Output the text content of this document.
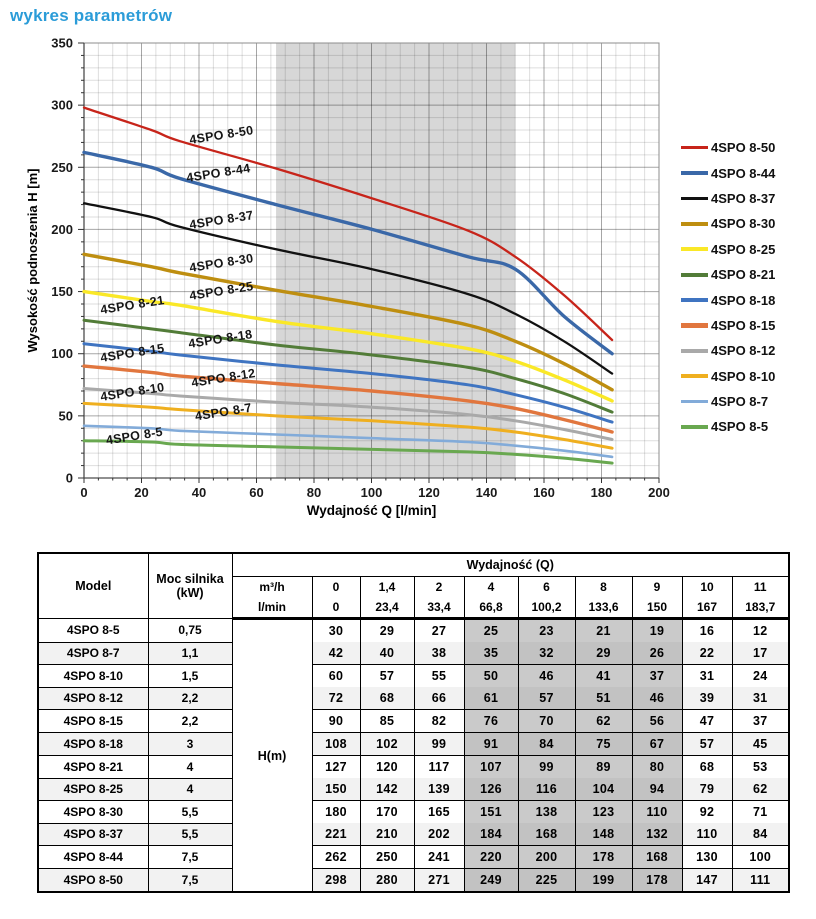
wykres parametrów
4SPO 8-50
4SPO 8-44
4SPO 8-37
4SPO 8-30
4SPO 8-25
4SPO 8-21
4SPO 8-18
4SPO 8-15
4SPO 8-12
4SPO 8-10
4SPO 8-7
4SPO 8-5
0
50
100
150
200
250
300
350
0	20	40	60	80	100	120	140	160	180	200
Wysokość podnoszenia H [m]
Wydajność Q [l/min]
4SPO 8-50
4SPO 8-44
4SPO 8-37
4SPO 8-30
4SPO 8-25
4SPO 8-21
4SPO 8-18
4SPO 8-15
4SPO 8-12
4SPO 8-10
4SPO 8-7
4SPO 8-5
Model	Moc silnika (kW)	Wydajność (Q)									
		m³/h	0	1,4	2	4	6	8	9	10	11
		l/min	0	23,4	33,4	66,8	100,2	133,6	150	167	183,7
4SPO 8-5	0,75	H(m)	30	29	27	25	23	21	19	16	12
4SPO 8-7	1,1		42	40	38	35	32	29	26	22	17
4SPO 8-10	1,5		60	57	55	50	46	41	37	31	24
4SPO 8-12	2,2		72	68	66	61	57	51	46	39	31
4SPO 8-15	2,2		90	85	82	76	70	62	56	47	37
4SPO 8-18	3		108	102	99	91	84	75	67	57	45
4SPO 8-21	4		127	120	117	107	99	89	80	68	53
4SPO 8-25	4		150	142	139	126	116	104	94	79	62
4SPO 8-30	5,5		180	170	165	151	138	123	110	92	71
4SPO 8-37	5,5		221	210	202	184	168	148	132	110	84
4SPO 8-44	7,5		262	250	241	220	200	178	168	130	100
4SPO 8-50	7,5		298	280	271	249	225	199	178	147	111
